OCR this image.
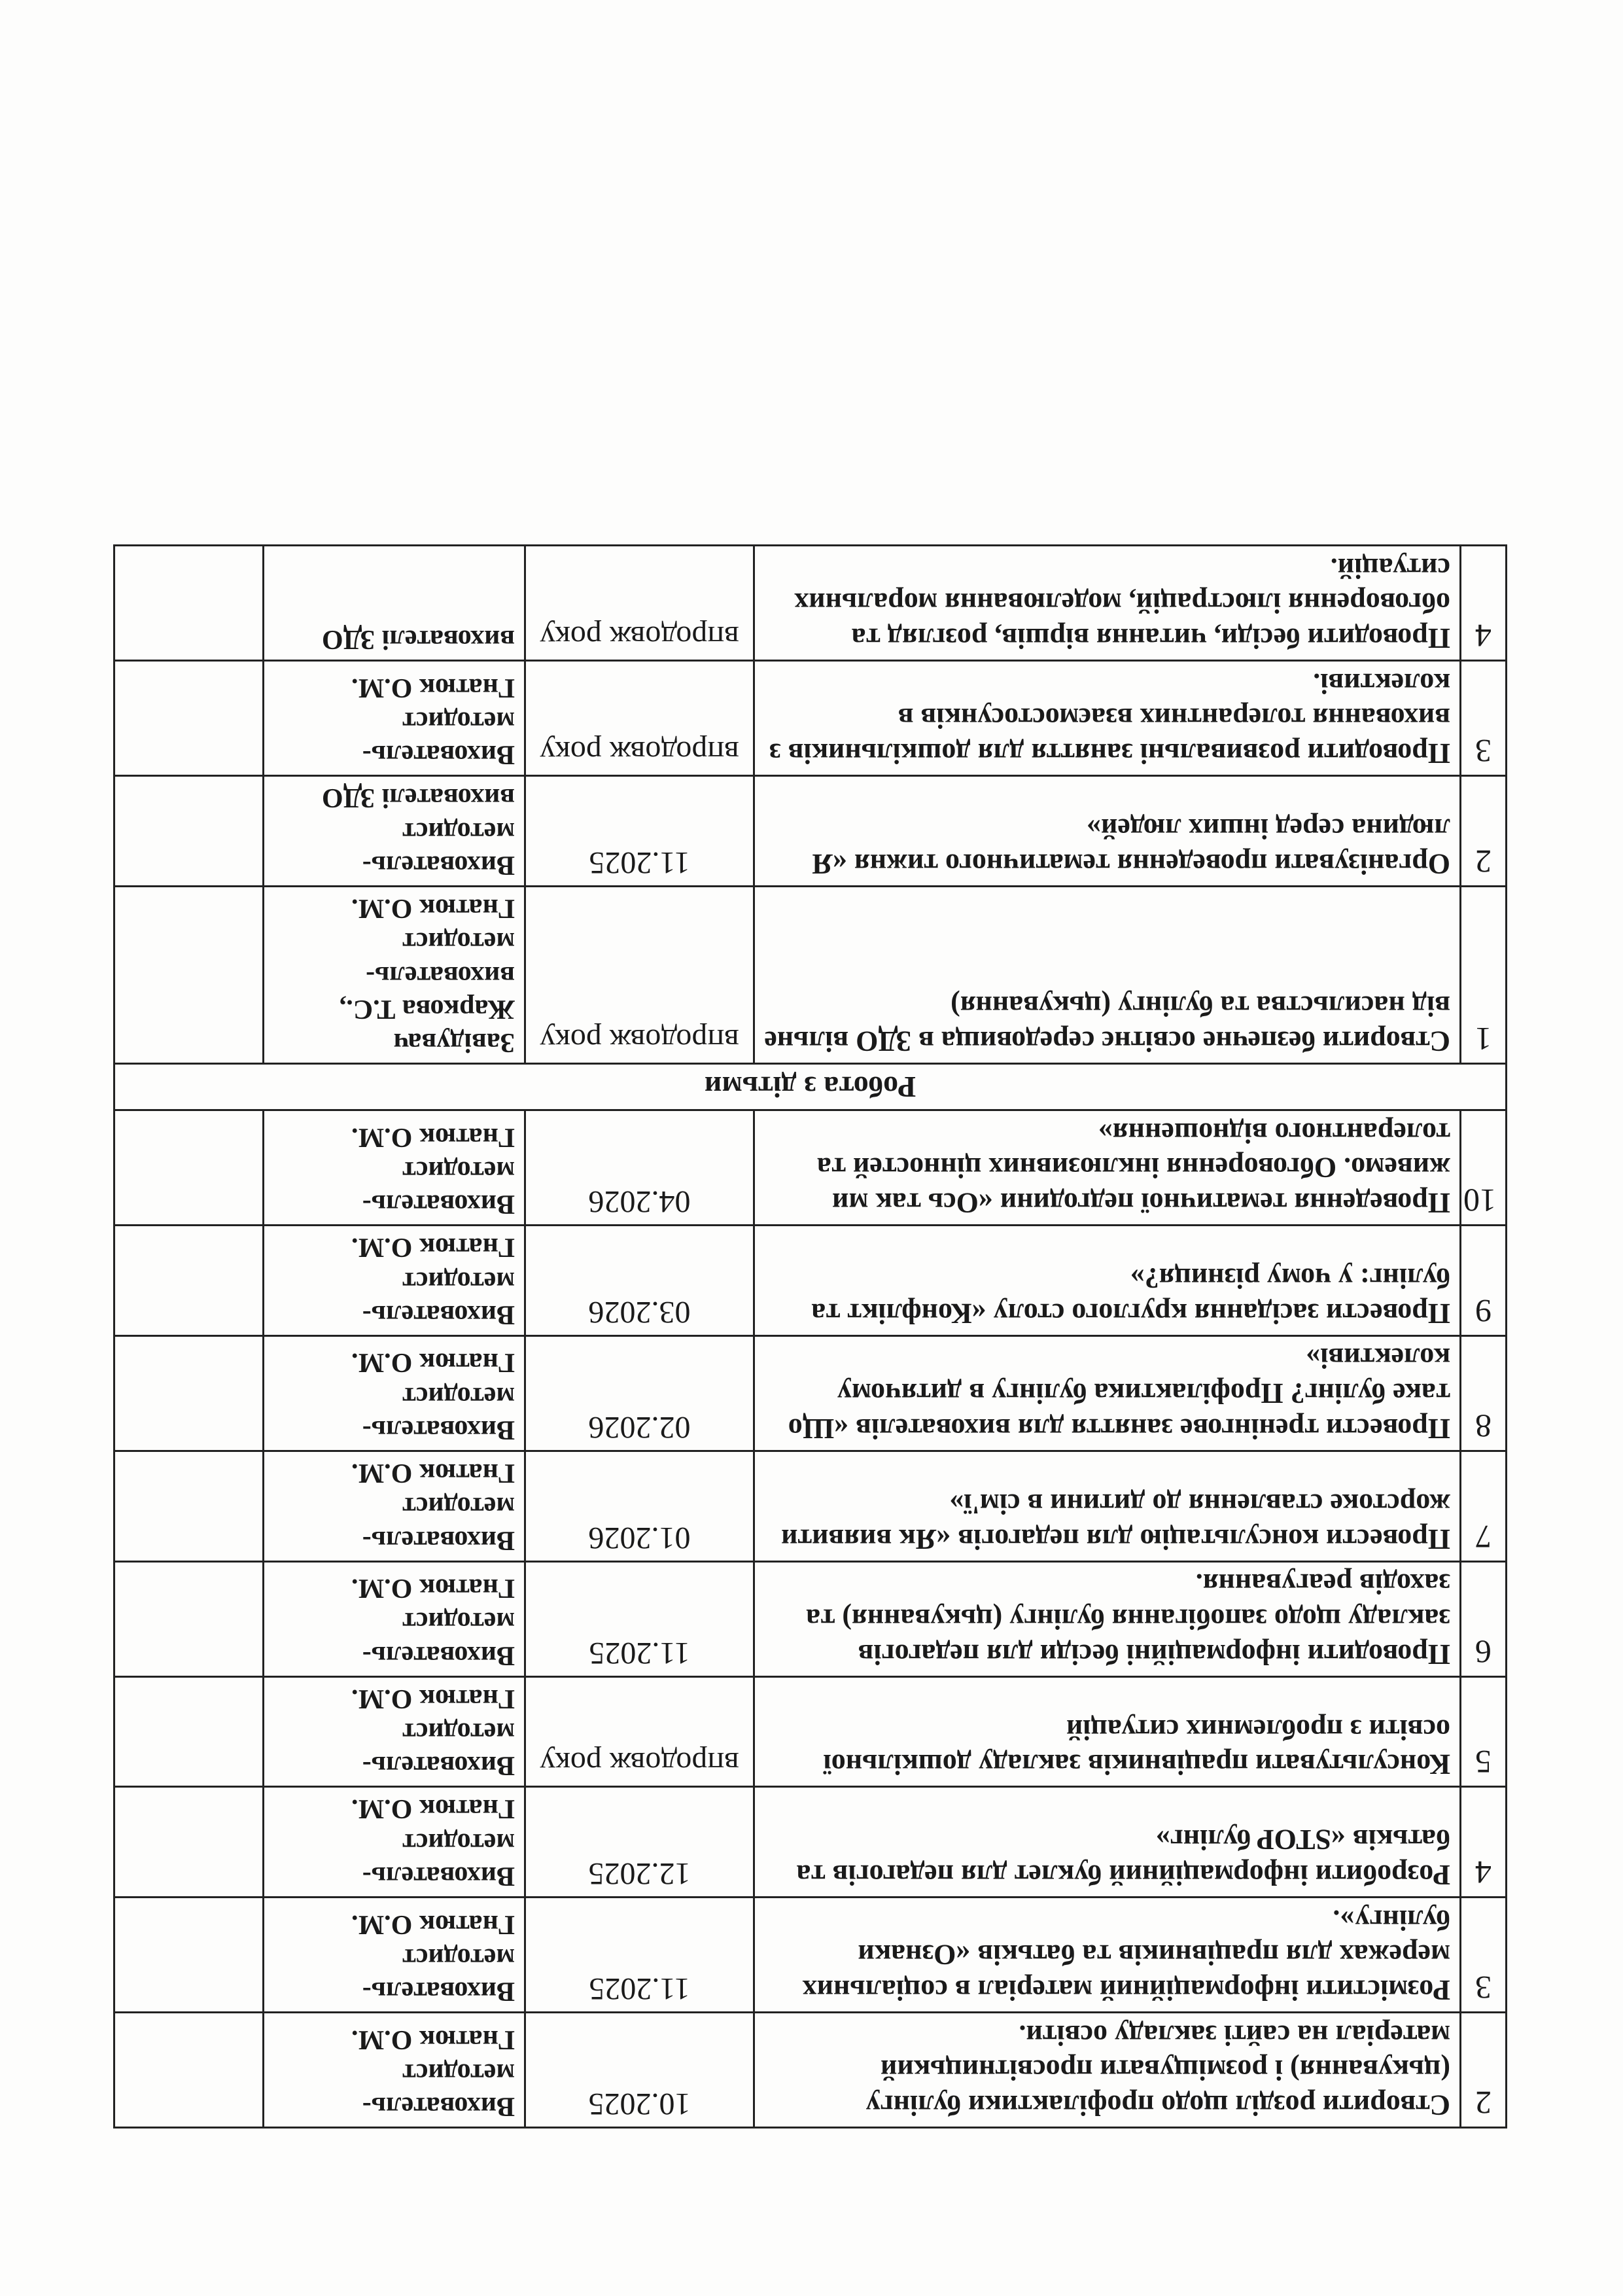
2	Створити розділ щодо профілактики булінгу (цькування) і розміщувати просвітницький матеріал на сайті закладу освіти.	10.2025	Вихователь-
методист
Гнатюк О.М.	

3	Розмістити інформаційний матеріал в соціальних мережах для працівників та батьків «Ознаки булінгу».	11.2025	Вихователь-
методист
Гнатюк О.М.	

4	Розробити інформаційний буклет для педагогів та батьків «STOP булінг»	12.2025	Вихователь-
методист
Гнатюк О.М.	

5	Консультувати працівників закладу дошкільної освіти з проблемних ситуацій	впродовж року	Вихователь-
методист
Гнатюк О.М.	

6	Проводити інформаційні бесіди для педагогів закладу щодо запобігання булінгу (цькування) та заходів реагування.	11.2025	Вихователь-
методист
Гнатюк О.М.	

7	Провести консультацію для педагогів «Як виявити жорстоке ставлення до дитини в сім'ї»	01.2026	Вихователь-
методист
Гнатюк О.М.	

8	Провести тренінгове заняття для вихователів «Що таке булінг? Профілактика булінгу в дитячому колективі»	02.2026	Вихователь-
методист
Гнатюк О.М.	

9	Провести засідання круглого столу «Конфлікт та булінг: у чому різниця?»	03.2026	Вихователь-
методист
Гнатюк О.М.	

10	Проведення тематичної педгодини «Ось так ми живемо. Обговорення інклюзивних цінностей та толерантного відношення»	04.2026	Вихователь-
методист
Гнатюк О.М.	

Робота з дітьми				
1	Створити безпечне освітнє середовища в ЗДО вільне від насильства та булінгу (цькування)	впродовж року	Завідувач
Жаркова Т.С.,
вихователь-
методист
Гнатюк О.М.	

2	Організувати проведення тематичного тижня «Я людина серед інших людей»	11.2025	Вихователь-
методист
вихователі ЗДО	

3	Проводити розвивальні заняття для дошкільників з виховання толерантних взаємостосунків в колективі.	впродовж року	Вихователь-
методист
Гнатюк О.М.	

4	Проводити бесіди, читання віршів, розгляд та обговорення ілюстрацій, моделювання моральних ситуацій.	впродовж року	вихователі ЗДО	
